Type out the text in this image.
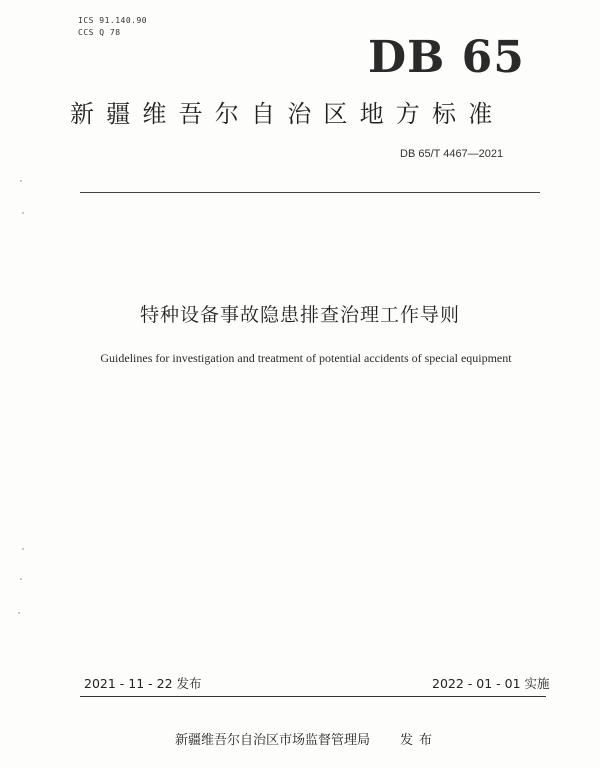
ICS 91.140.90
CCS Q 78	DB 65
新疆维吾尔自治区地方标准
DB 65/T 4467—2021
特种设备事故隐患排查治理工作导则
Guidelines for investigation and treatment of potential accidents of special equipment
2021 - 11 - 22 发布	2022 - 01 - 01 实施
新疆维吾尔自治区市场监督管理局 发布
